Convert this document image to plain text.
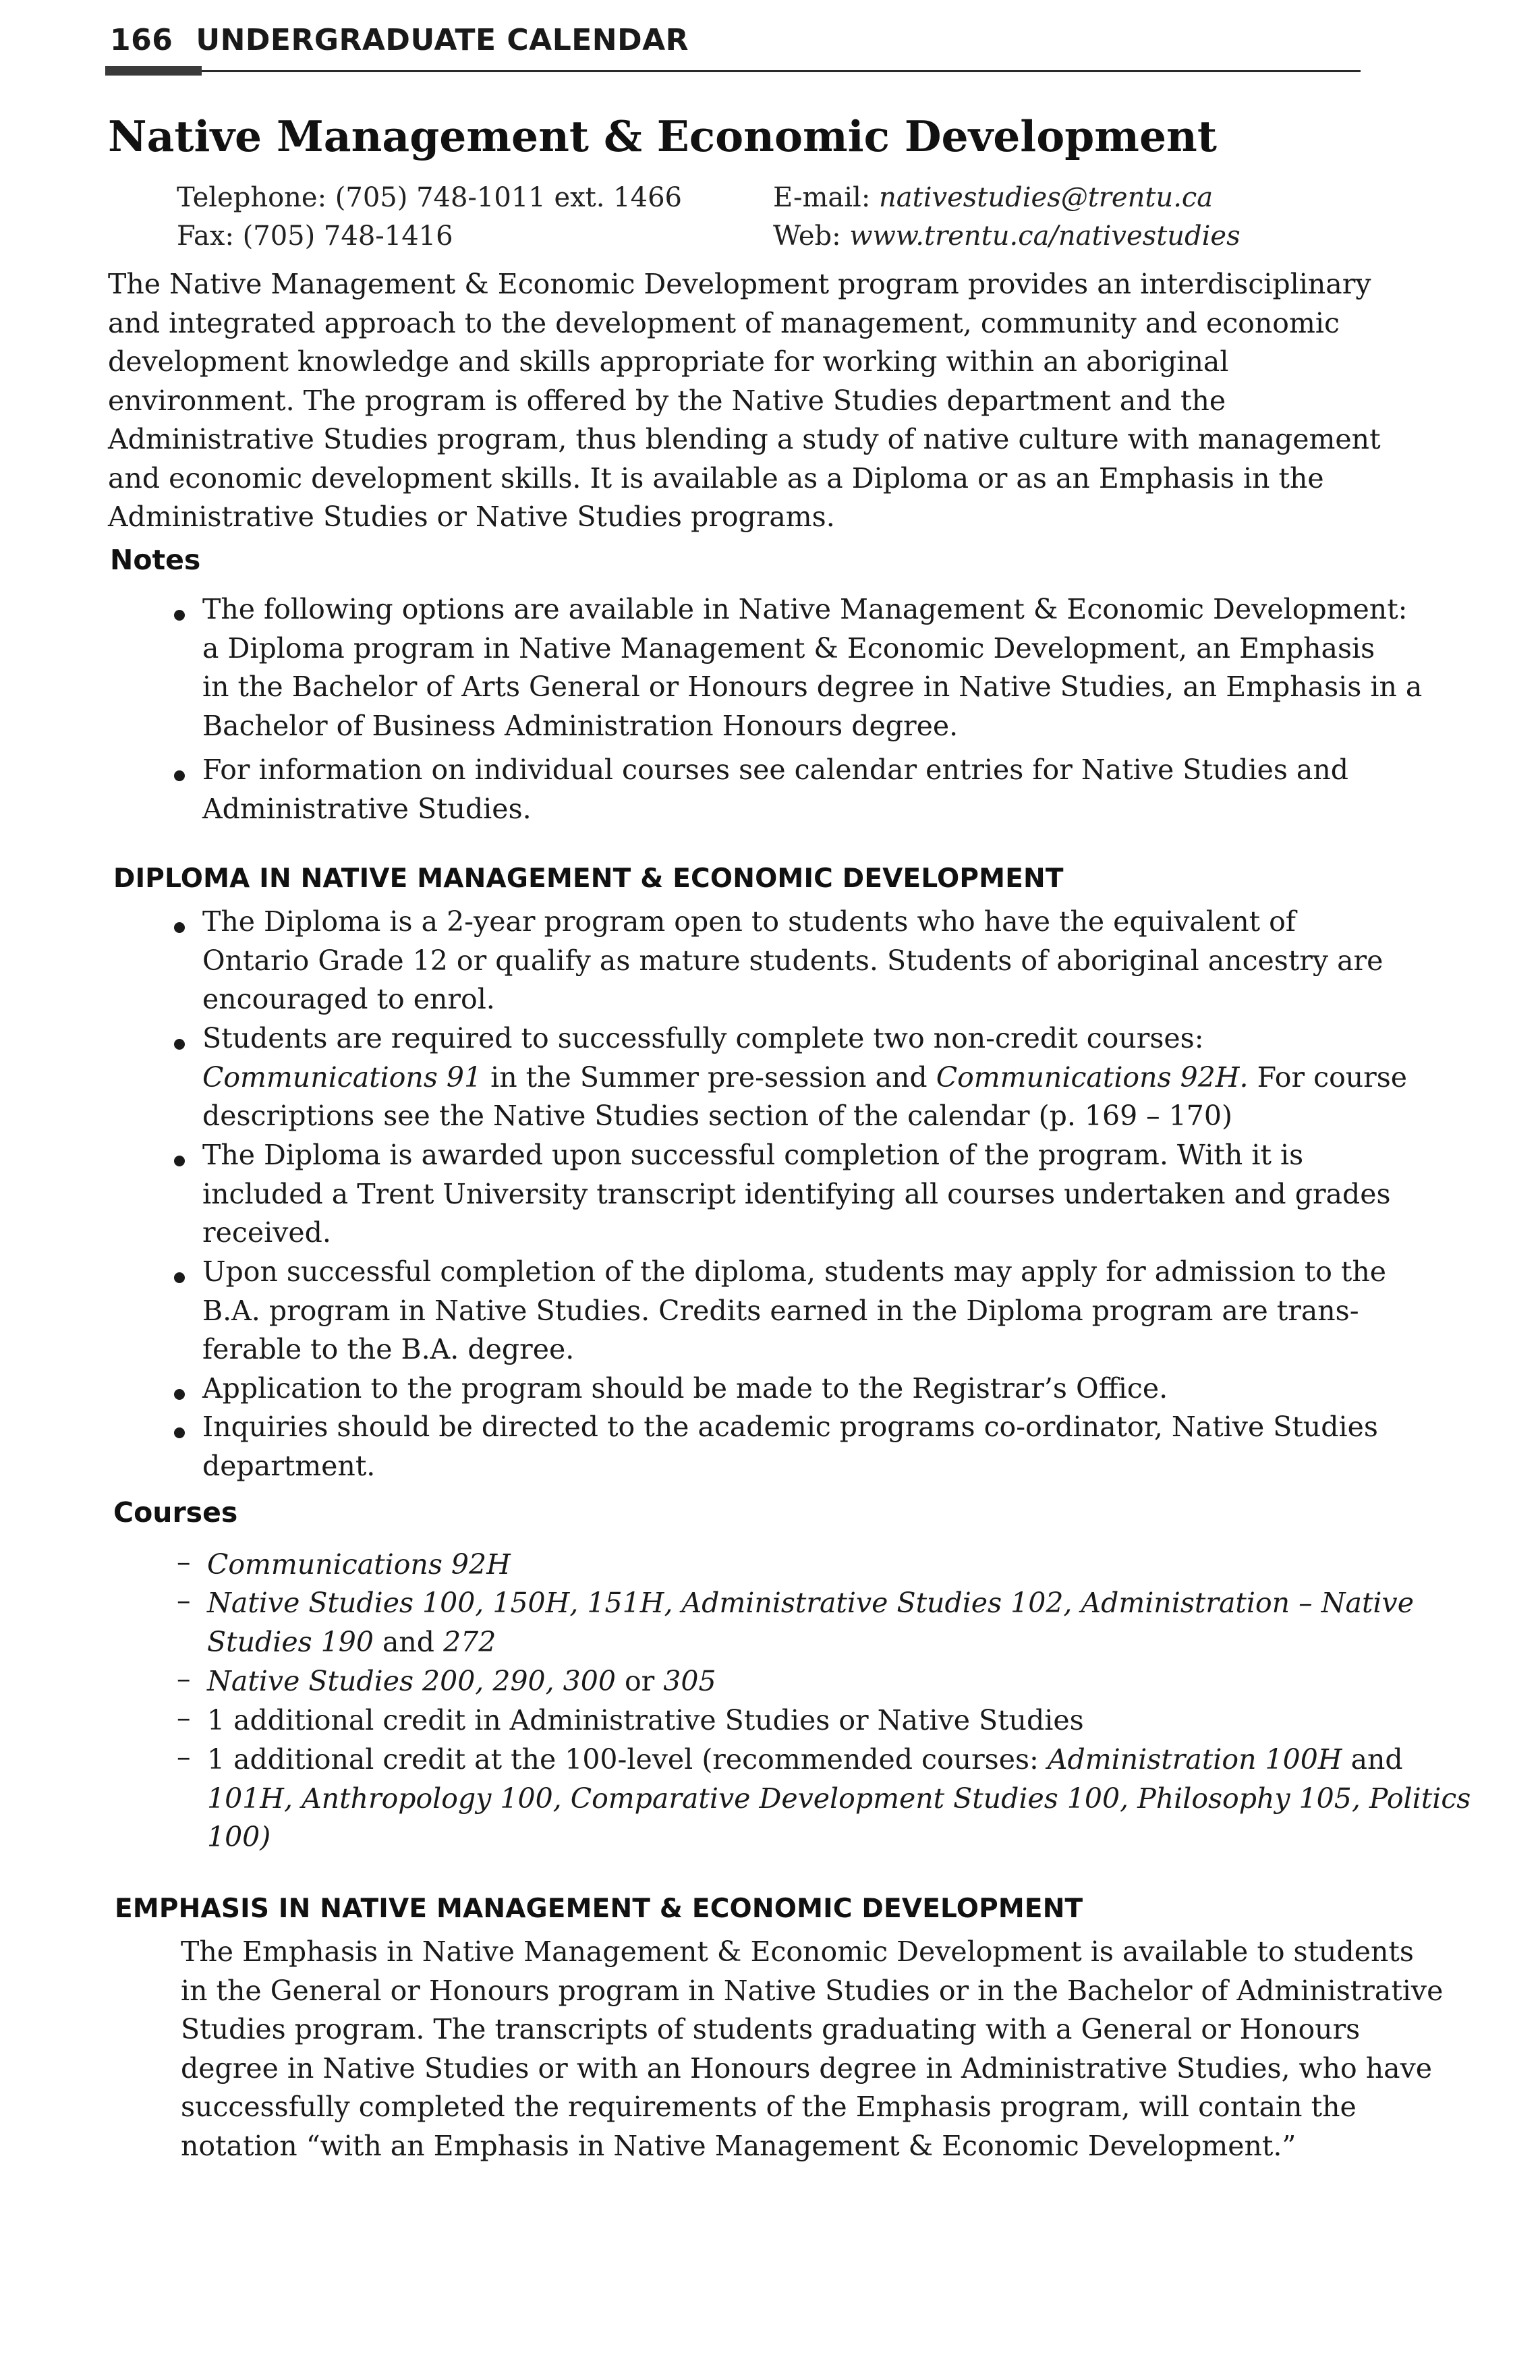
166 UNDERGRADUATE CALENDAR
Native Management & Economic Development
Telephone: (705) 748-1011 ext. 1466
Fax: (705) 748-1416
E-mail: nativestudies@trentu.ca
Web: www.trentu.ca/nativestudies
The Native Management & Economic Development program provides an interdisciplinary
and integrated approach to the development of management, community and economic
development knowledge and skills appropriate for working within an aboriginal
environment. The program is offered by the Native Studies department and the
Administrative Studies program, thus blending a study of native culture with management
and economic development skills. It is available as a Diploma or as an Emphasis in the
Administrative Studies or Native Studies programs.
Notes
The following options are available in Native Management & Economic Development:
a Diploma program in Native Management & Economic Development, an Emphasis
in the Bachelor of Arts General or Honours degree in Native Studies, an Emphasis in a
Bachelor of Business Administration Honours degree.
For information on individual courses see calendar entries for Native Studies and
Administrative Studies.
DIPLOMA IN NATIVE MANAGEMENT & ECONOMIC DEVELOPMENT
The Diploma is a 2-year program open to students who have the equivalent of
Ontario Grade 12 or qualify as mature students. Students of aboriginal ancestry are
encouraged to enrol.
Students are required to successfully complete two non-credit courses:
Communications 91 in the Summer pre-session and Communications 92H. For course
descriptions see the Native Studies section of the calendar (p. 169 – 170)
The Diploma is awarded upon successful completion of the program. With it is
included a Trent University transcript identifying all courses undertaken and grades
received.
Upon successful completion of the diploma, students may apply for admission to the
B.A. program in Native Studies. Credits earned in the Diploma program are trans-
ferable to the B.A. degree.
Application to the program should be made to the Registrar’s Office.
Inquiries should be directed to the academic programs co-ordinator, Native Studies
department.
Courses
– Communications 92H
– Native Studies 100, 150H, 151H, Administrative Studies 102, Administration – Native
Studies 190 and 272
– Native Studies 200, 290, 300 or 305
– 1 additional credit in Administrative Studies or Native Studies
– 1 additional credit at the 100-level (recommended courses: Administration 100H and
101H, Anthropology 100, Comparative Development Studies 100, Philosophy 105, Politics
100)
EMPHASIS IN NATIVE MANAGEMENT & ECONOMIC DEVELOPMENT
The Emphasis in Native Management & Economic Development is available to students
in the General or Honours program in Native Studies or in the Bachelor of Administrative
Studies program. The transcripts of students graduating with a General or Honours
degree in Native Studies or with an Honours degree in Administrative Studies, who have
successfully completed the requirements of the Emphasis program, will contain the
notation “with an Emphasis in Native Management & Economic Development.”
